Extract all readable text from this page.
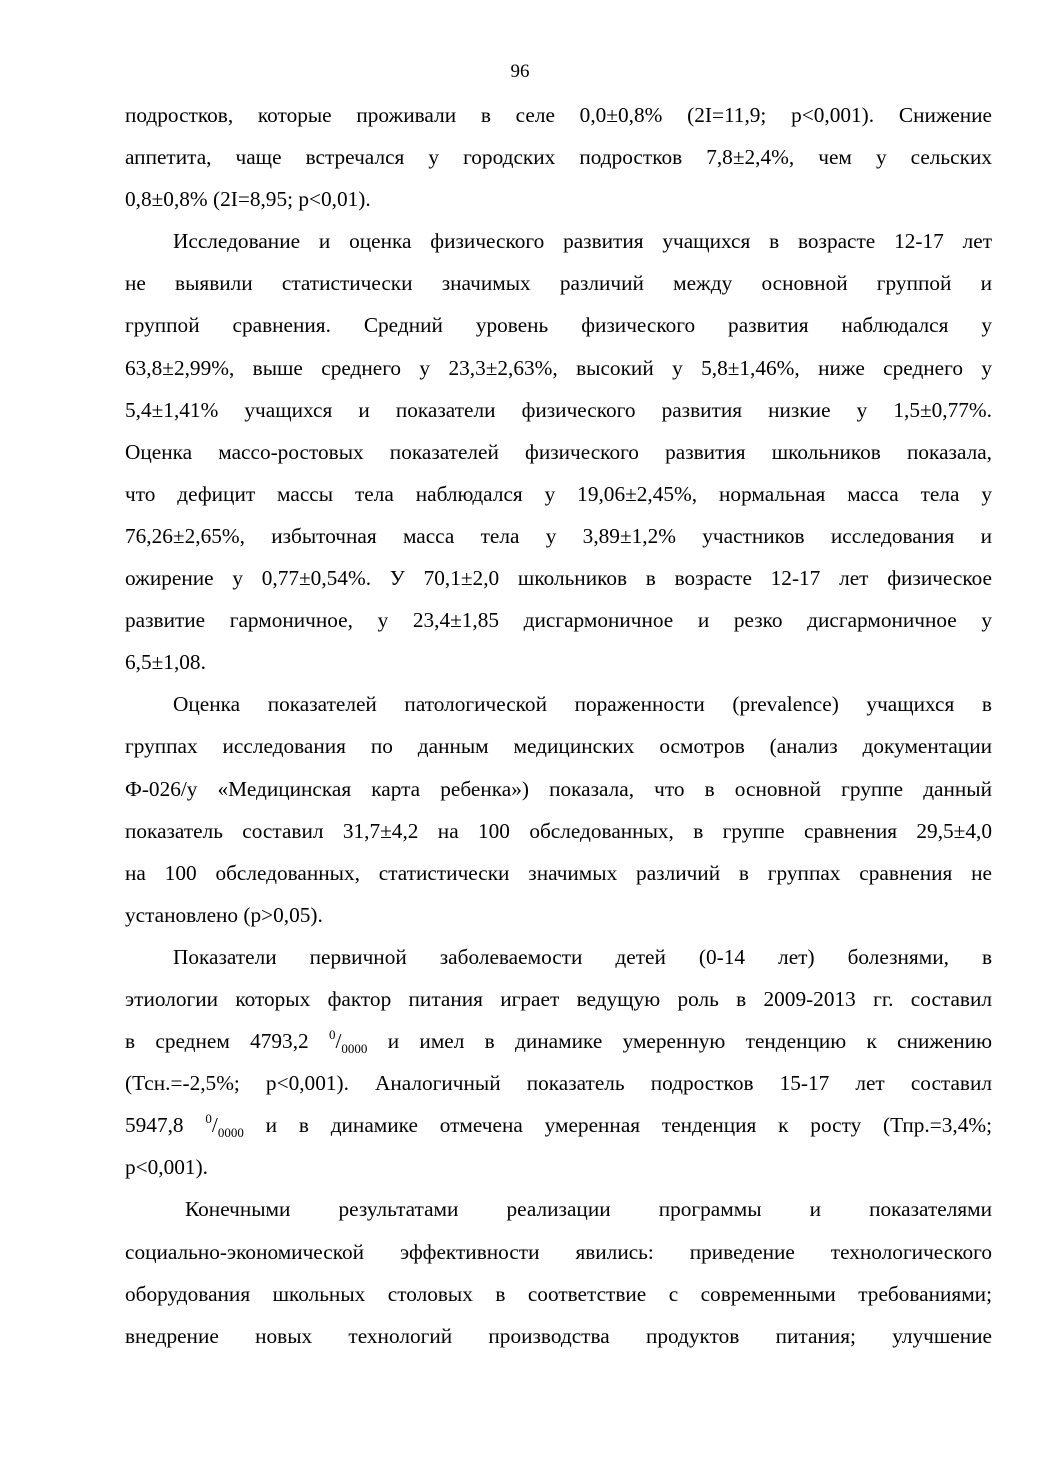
96
подростков, которые проживали в селе 0,0±0,8% (2I=11,9; p<0,001). Снижение
аппетита, чаще встречался у городских подростков 7,8±2,4%, чем у сельских
0,8±0,8% (2I=8,95; p<0,01).
Исследование и оценка физического развития учащихся в возрасте 12-17 лет
не выявили статистически значимых различий между основной группой и
группой сравнения. Средний уровень физического развития наблюдался у
63,8±2,99%, выше среднего у 23,3±2,63%, высокий у 5,8±1,46%, ниже среднего у
5,4±1,41% учащихся и показатели физического развития низкие у 1,5±0,77%.
Оценка массо-ростовых показателей физического развития школьников показала,
что дефицит массы тела наблюдался у 19,06±2,45%, нормальная масса тела у
76,26±2,65%, избыточная масса тела у 3,89±1,2% участников исследования и
ожирение у 0,77±0,54%. У 70,1±2,0 школьников в возрасте 12-17 лет физическое
развитие гармоничное, у 23,4±1,85 дисгармоничное и резко дисгармоничное у
6,5±1,08.
Оценка показателей патологической пораженности (prevalence) учащихся в
группах исследования по данным медицинских осмотров (анализ документации
Ф-026/у «Медицинская карта ребенка») показала, что в основной группе данный
показатель составил 31,7±4,2 на 100 обследованных, в группе сравнения 29,5±4,0
на 100 обследованных, статистически значимых различий в группах сравнения не
установлено (p>0,05).
Показатели первичной заболеваемости детей (0-14 лет) болезнями, в
этиологии которых фактор питания играет ведущую роль в 2009-2013 гг. составил
в среднем 4793,2 $^0/_{0000}$ и имел в динамике умеренную тенденцию к снижению
(Тсн.=-2,5%; p<0,001). Аналогичный показатель подростков 15-17 лет составил
5947,8 $^0/_{0000}$ и в динамике отмечена умеренная тенденция к росту (Тпр.=3,4%;
p<0,001).
Конечными результатами реализации программы и показателями
социально-экономической эффективности явились: приведение технологического
оборудования школьных столовых в соответствие с современными требованиями;
внедрение новых технологий производства продуктов питания; улучшение
